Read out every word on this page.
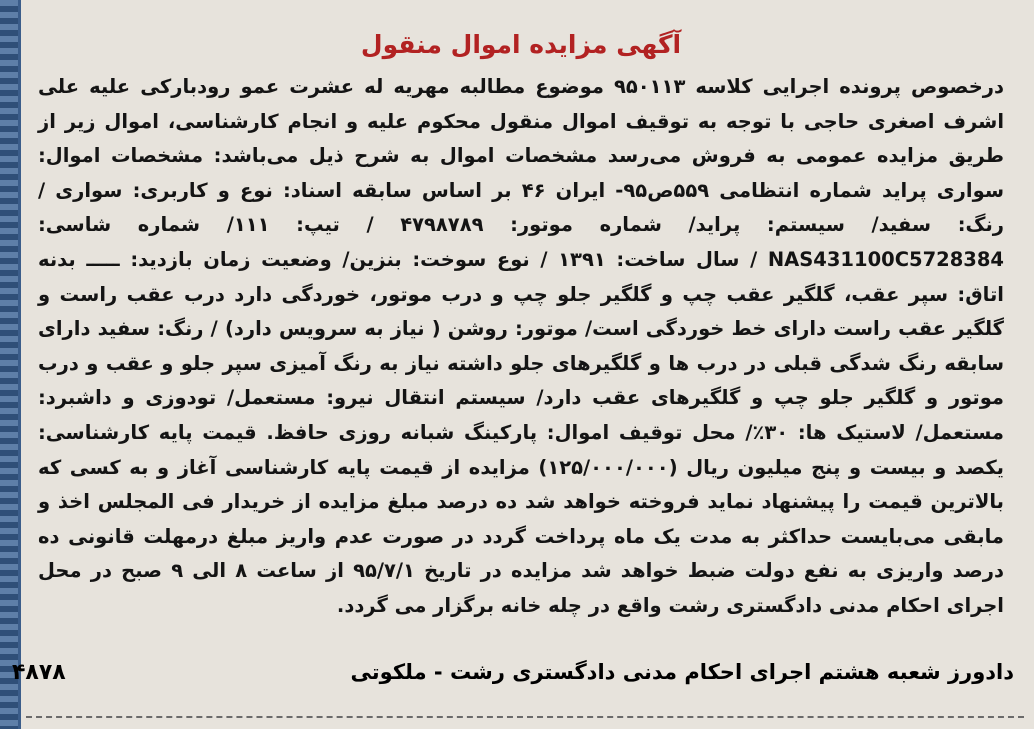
آگهی مزایده اموال منقول

درخصوص پرونده اجرایی کلاسه ۹۵۰۱۱۳ موضوع مطالبه مهریه له عشرت عمو رودبارکی علیه علی اشرف اصغری حاجی با توجه به توقیف اموال منقول محکوم علیه و انجام کارشناسی، اموال زیر از طریق مزایده عمومی به فروش می‌رسد مشخصات اموال به شرح ذیل می‌باشد: مشخصات اموال: سواری پراید شماره انتظامی ۵۵۹ص۹۵- ایران ۴۶ بر اساس سابقه اسناد: نوع و کاربری: سواری / رنگ: سفید/ سیستم: پراید/ شماره موتور: ۴۷۹۸۷۸۹ / تیپ: ۱۱۱/ شماره شاسی: NAS431100C5728384 / سال ساخت: ۱۳۹۱ / نوع سوخت: بنزین/ وضعیت زمان بازدید: ـــــ بدنه اتاق: سپر عقب، گلگیر عقب چپ و گلگیر جلو چپ و درب موتور، خوردگی دارد درب عقب راست و گلگیر عقب راست دارای خط خوردگی است/ موتور: روشن ( نیاز به سرویس دارد) / رنگ: سفید دارای سابقه رنگ شدگی قبلی در درب ها و گلگیرهای جلو داشته نیاز به رنگ آمیزی سپر جلو و عقب و درب موتور و گلگیر جلو چپ و گلگیرهای عقب دارد/ سیستم انتقال نیرو: مستعمل/ تودوزی و داشبرد: مستعمل/ لاستیک ها: ۳۰٪/ محل توقیف اموال: پارکینگ شبانه روزی حافظ. قیمت پایه کارشناسی: یکصد و بیست و پنج میلیون ریال (۱۲۵/۰۰۰/۰۰۰) مزایده از قیمت پایه کارشناسی آغاز و به کسی که بالاترین قیمت را پیشنهاد نماید فروخته خواهد شد ده درصد مبلغ مزایده از خریدار فی المجلس اخذ و مابقی می‌بایست حداکثر به مدت یک ماه پرداخت گردد در صورت عدم واریز مبلغ درمهلت قانونی ده درصد واریزی به نفع دولت ضبط خواهد شد مزایده در تاریخ ۹۵/۷/۱ از ساعت ۸ الی ۹ صبح در محل اجرای احکام مدنی دادگستری رشت واقع در چله خانه برگزار می گردد.

دادورز شعبه هشتم اجرای احکام مدنی دادگستری رشت - ملکوتی
۴۸۷۸
